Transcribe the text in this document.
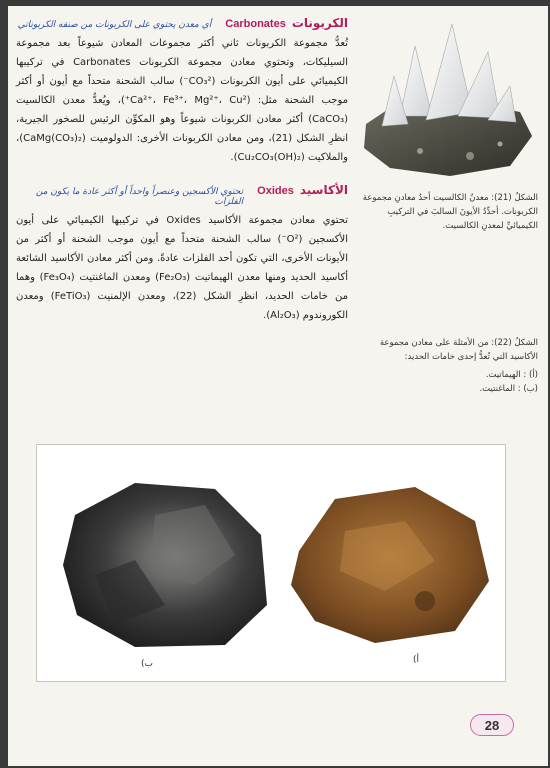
الشكلُ (21): معدنُ الكالسيت أحدُ معادنِ مجموعة الكربونات. أحدِّدُ الأيونَ السالبَ في التركيبِ الكيميائيِّ لمعدنِ الكالسيت.

الشكلُ (22): من الأمثلة على معادن مجموعة الأكاسيد التي تُعدُّ إحدى خامات الحديد:

(أ) : الهيماتيت.

(ب) : الماغنتيت.

الكربونات
Carbonates
أي معدن يحتوي على الكربونات من صنفه الكربوناتي

تُعدُّ مجموعة الكربونات ثاني أكثر مجموعات المعادن شيوعاً بعد مجموعة السيليكات، وتحتوي معادن مجموعة الكربونات Carbonates في تركيبها الكيميائي على أيون الكربونات (CO₃²⁻) سالب الشحنة متحداً مع أيون أو أكثر موجب الشحنة مثل: (Ca²⁺، Fe³⁺، Mg²⁺، Cu²⁺)، ويُعدُّ معدن الكالسيت (CaCO₃) أكثر معادن الكربونات شيوعاً وهو المكوِّن الرئيس للصخور الجيرية، انظرِ الشكل (21)، ومن معادن الكربونات الأخرى: الدولوميت (CaMg(CO₃)₂)، والملاكيت (Cu₂CO₃(OH)₂).

الأكاسيد
Oxides
تحتوي الأكسجين وعنصراً واحداً أو أكثر عادة ما يكون من الفلزات

تحتوي معادن مجموعة الأكاسيد Oxides في تركيبها الكيميائي على أيون الأكسجين (O²⁻) سالب الشحنة متحداً مع أيون موجب الشحنة أو أكثر من الأيونات الأخرى، التي تكون أحد الفلزات عادةً. ومن أكثر معادن الأكاسيد الشائعة أكاسيد الحديد ومنها معدن الهيماتيت (Fe₂O₃) ومعدن الماغنتيت (Fe₃O₄) وهما من خامات الحديد، انظرِ الشكل (22)، ومعدن الإلمنيت (FeTiO₃) ومعدن الكوروندوم (Al₂O₃).

ب)	أ)
28
